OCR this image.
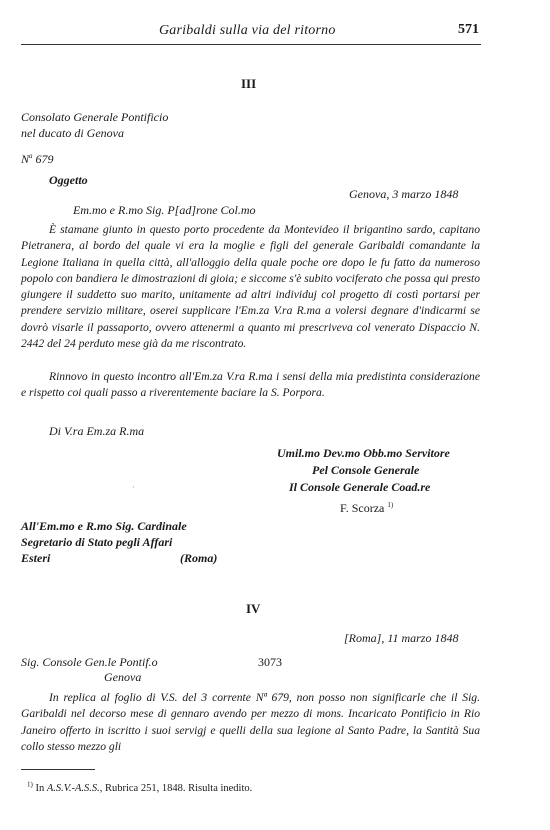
Garibaldi sulla via del ritorno	571
III
Consolato Generale Pontificio
nel ducato di Genova
$N^a$ 679
Oggetto
Genova, 3 marzo 1848
Em.mo e R.mo Sig. P[ad]rone Col.mo

È stamane giunto in questo porto procedente da Montevideo il brigantino sardo, capitano Pietranera, al bordo del quale vi era la moglie e figli del generale Garibaldi comandante la Legione Italiana in quella città, all'alloggio della quale poche ore dopo le fu fatto da numeroso popolo con bandiera le dimostrazioni di gioia; e siccome s'è subito vociferato che possa qui presto giungere il suddetto suo marito, unitamente ad altri individuj col progetto di costì portarsi per prendere servizio militare, oserei supplicare l'Em.za V.ra R.ma a volersi degnare d'indicarmi se dovrò visarle il passaporto, ovvero attenermi a quanto mi prescriveva col venerato Dispaccio N. 2442 del 24 perduto mese già da me riscontrato.

Rinnovo in questo incontro all'Em.za V.ra R.ma i sensi della mia predistinta considerazione e rispetto coi quali passo a riverentemente baciare la S. Porpora.

Di V.ra Em.za R.ma
Umil.mo Dev.mo Obb.mo Servitore
Pel Console Generale
Il Console Generale Coad.re
·
F. Scorza $^{1)}$
All'Em.mo e R.mo Sig. Cardinale
Segretario di Stato pegli Affari
Esteri	(Roma)
IV
[Roma], 11 marzo 1848
Sig. Console Gen.le Pontif.o	3073
Genova

In replica al foglio di V.S. del 3 corrente Nª 679, non posso non significarle che il Sig. Garibaldi nel decorso mese di gennaro avendo per mezzo di mons. Incaricato Pontificio in Rio Janeiro offerto in iscritto i suoi servigj e quelli della sua legione al Santo Padre, la Santità Sua collo stesso mezzo gli

$^{1)}$ In A.S.V.-A.S.S., Rubrica 251, 1848. Risulta inedito.
